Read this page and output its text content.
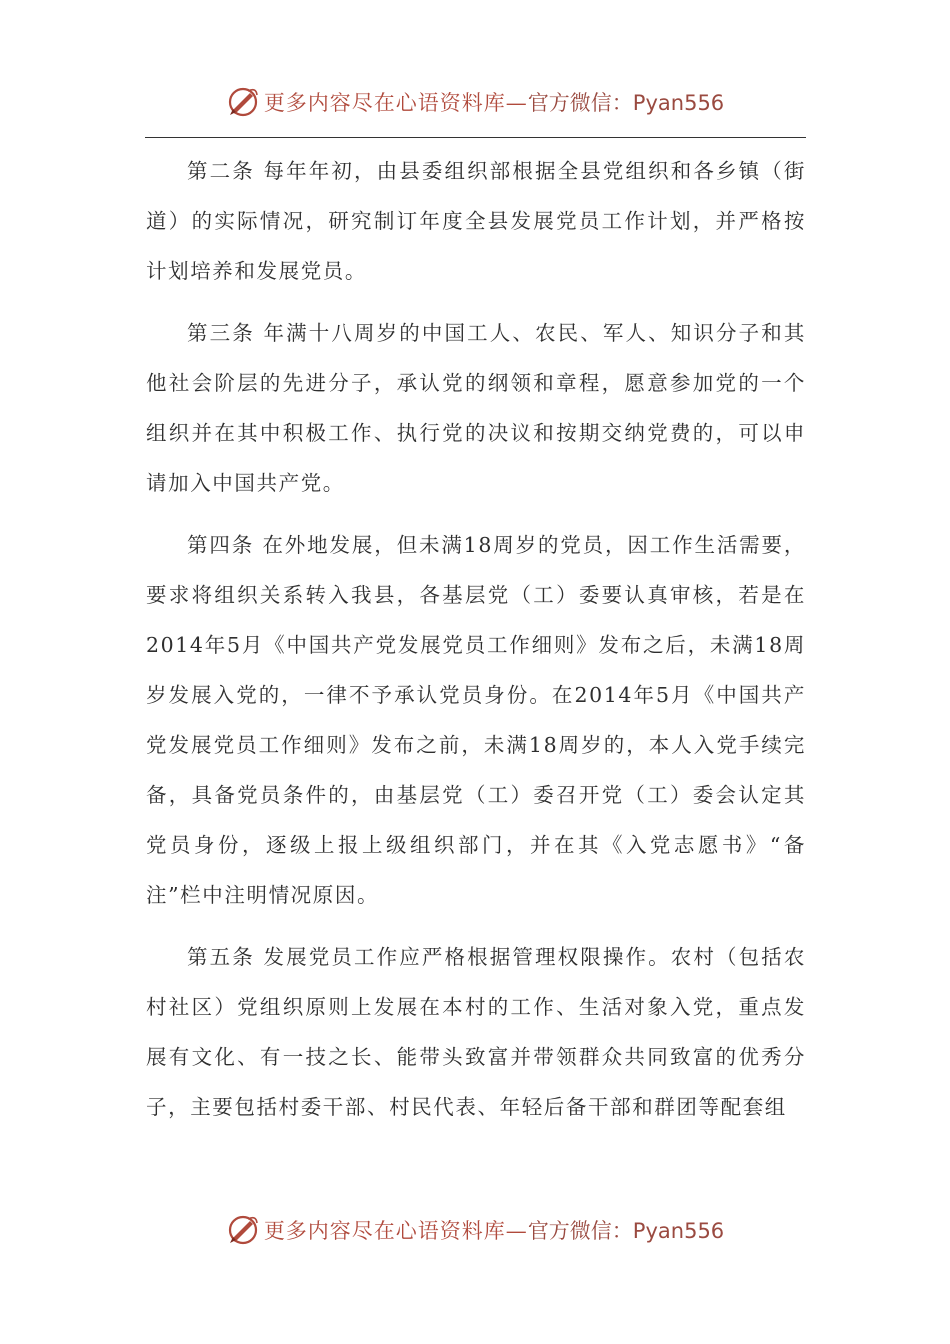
更多内容尽在心语资料库—官方微信：Pyan556

第二条 每年年初，由县委组织部根据全县党组织和各乡镇（街道）的实际情况，研究制订年度全县发展党员工作计划，并严格按计划培养和发展党员。

第三条 年满十八周岁的中国工人、农民、军人、知识分子和其他社会阶层的先进分子，承认党的纲领和章程，愿意参加党的一个组织并在其中积极工作、执行党的决议和按期交纳党费的，可以申请加入中国共产党。

第四条 在外地发展，但未满18周岁的党员，因工作生活需要，要求将组织关系转入我县，各基层党（工）委要认真审核，若是在2014年5月《中国共产党发展党员工作细则》发布之后，未满18周岁发展入党的，一律不予承认党员身份。在2014年5月《中国共产党发展党员工作细则》发布之前，未满18周岁的，本人入党手续完备，具备党员条件的，由基层党（工）委召开党（工）委会认定其党员身份，逐级上报上级组织部门，并在其《入党志愿书》“备注”栏中注明情况原因。

第五条 发展党员工作应严格根据管理权限操作。农村（包括农村社区）党组织原则上发展在本村的工作、生活对象入党，重点发展有文化、有一技之长、能带头致富并带领群众共同致富的优秀分子，主要包括村委干部、村民代表、年轻后备干部和群团等配套组

更多内容尽在心语资料库—官方微信：Pyan556
